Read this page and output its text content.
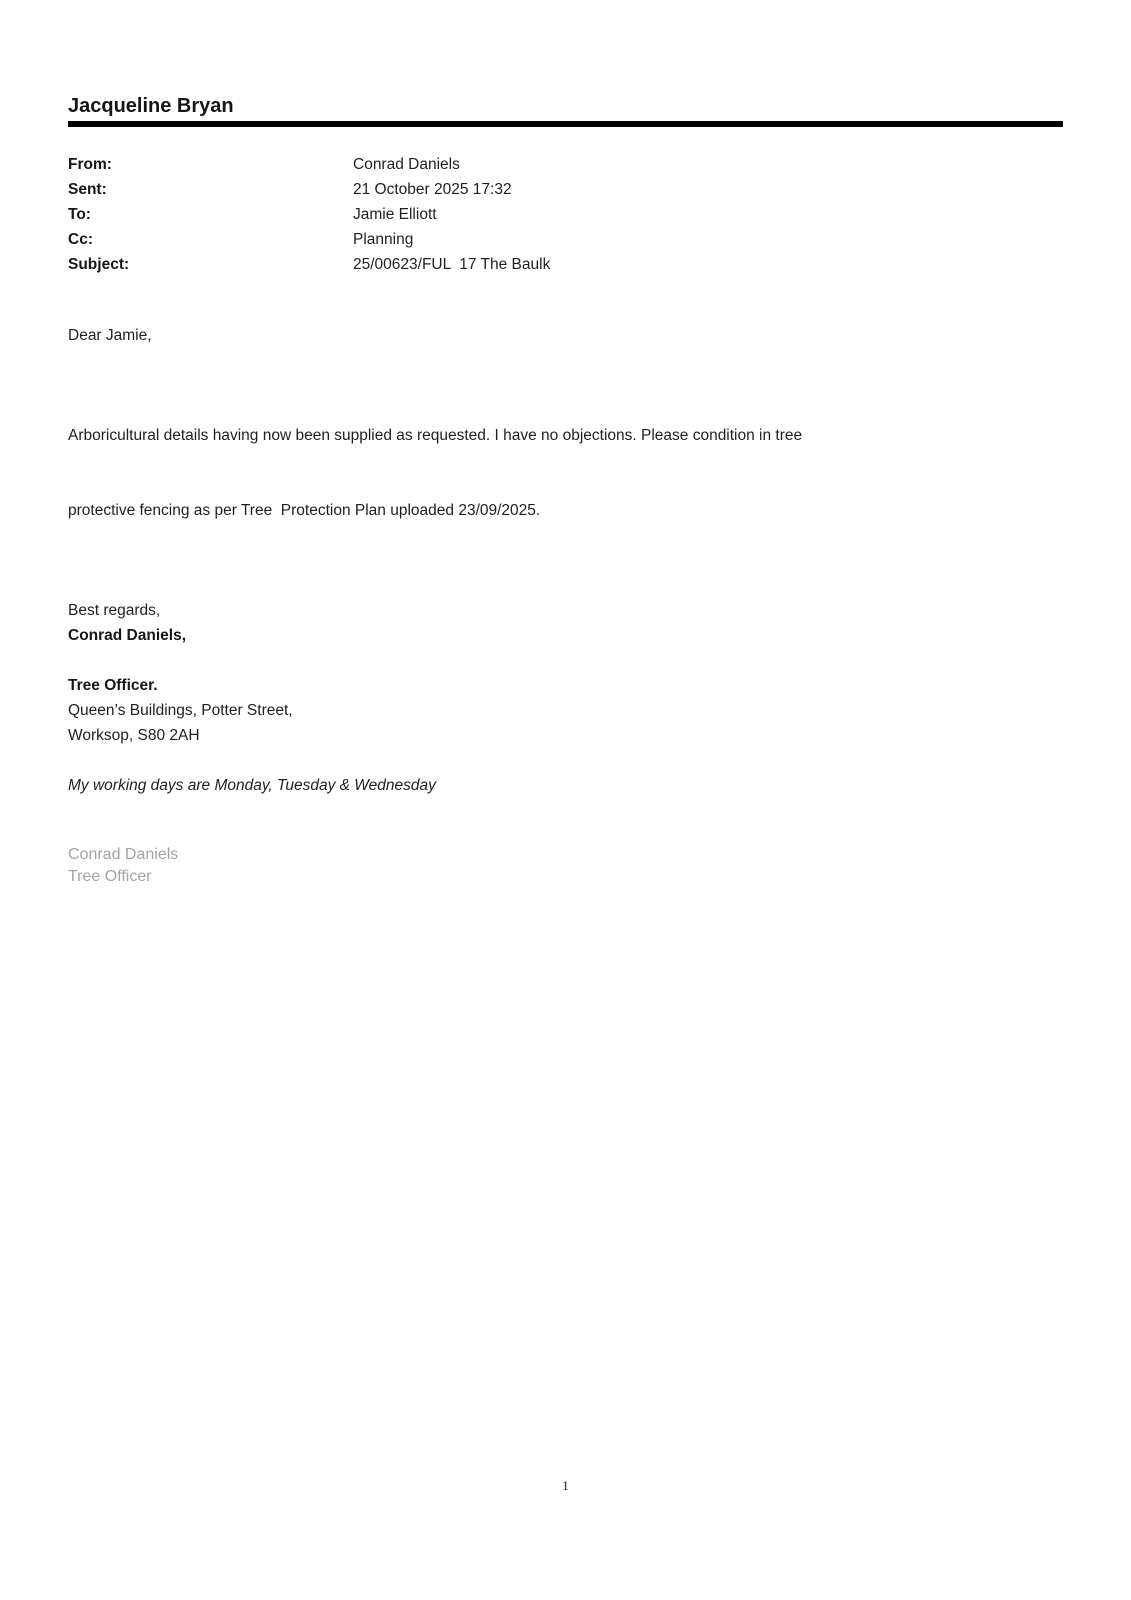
Jacqueline Bryan
From:	Conrad Daniels
Sent:	21 October 2025 17:32
To:	Jamie Elliott
Cc:	Planning
Subject:	25/00623/FUL  17 The Baulk
Dear Jamie,

Arboricultural details having now been supplied as requested. I have no objections. Please condition in tree

protective fencing as per Tree  Protection Plan uploaded 23/09/2025.

Best regards,
Conrad Daniels,
Tree Officer.
Queen’s Buildings, Potter Street,
Worksop, S80 2AH
My working days are Monday, Tuesday & Wednesday
Conrad Daniels
Tree Officer
1
